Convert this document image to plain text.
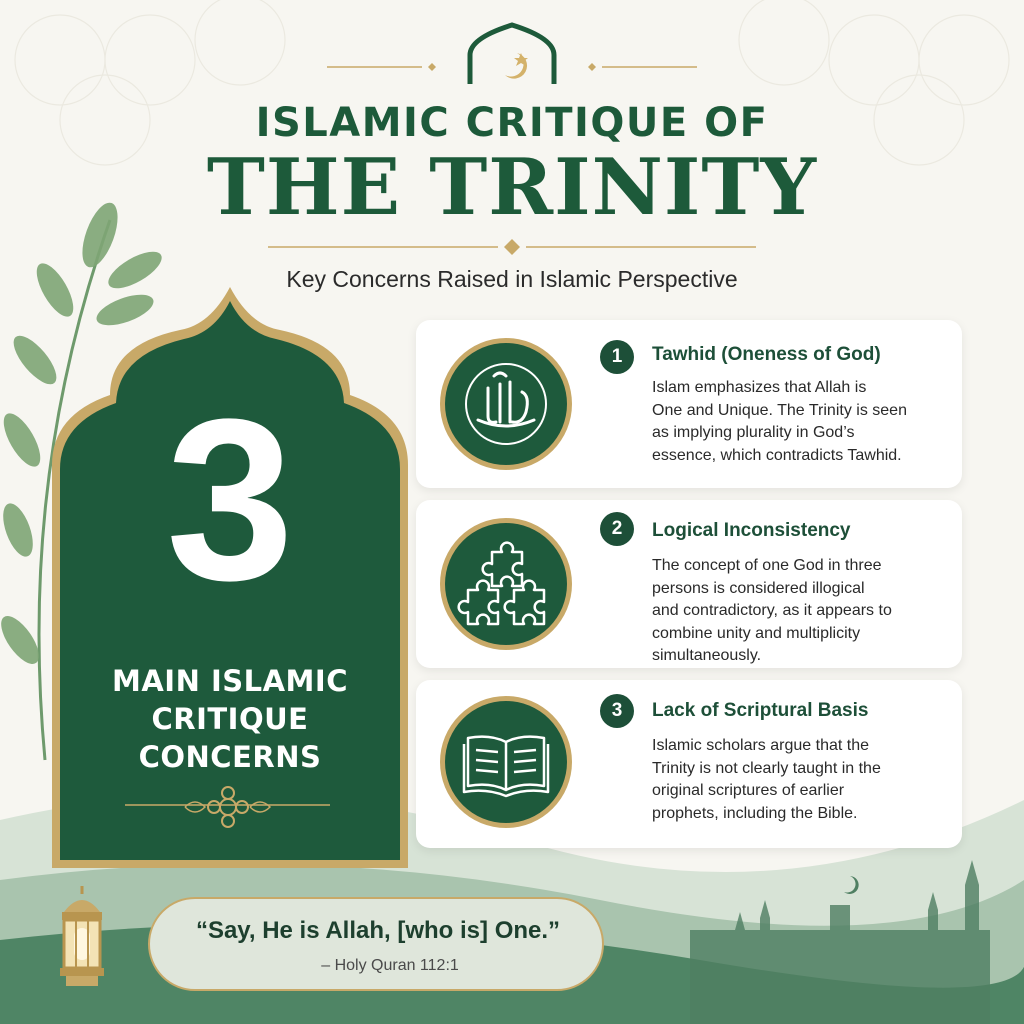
ISLAMIC CRITIQUE OF
THE TRINITY
Key Concerns Raised in Islamic Perspective
3
MAIN ISLAMIC
CRITIQUE
CONCERNS
1	Tawhid (Oneness of God)
Islam emphasizes that Allah is
One and Unique. The Trinity is seen
as implying plurality in God’s
essence, which contradicts Tawhid.
2	Logical Inconsistency
The concept of one God in three
persons is considered illogical
and contradictory, as it appears to
combine unity and multiplicity
simultaneously.
3	Lack of Scriptural Basis
Islamic scholars argue that the
Trinity is not clearly taught in the
original scriptures of earlier
prophets, including the Bible.
“Say, He is Allah, [who is] One.”
– Holy Quran 112:1
